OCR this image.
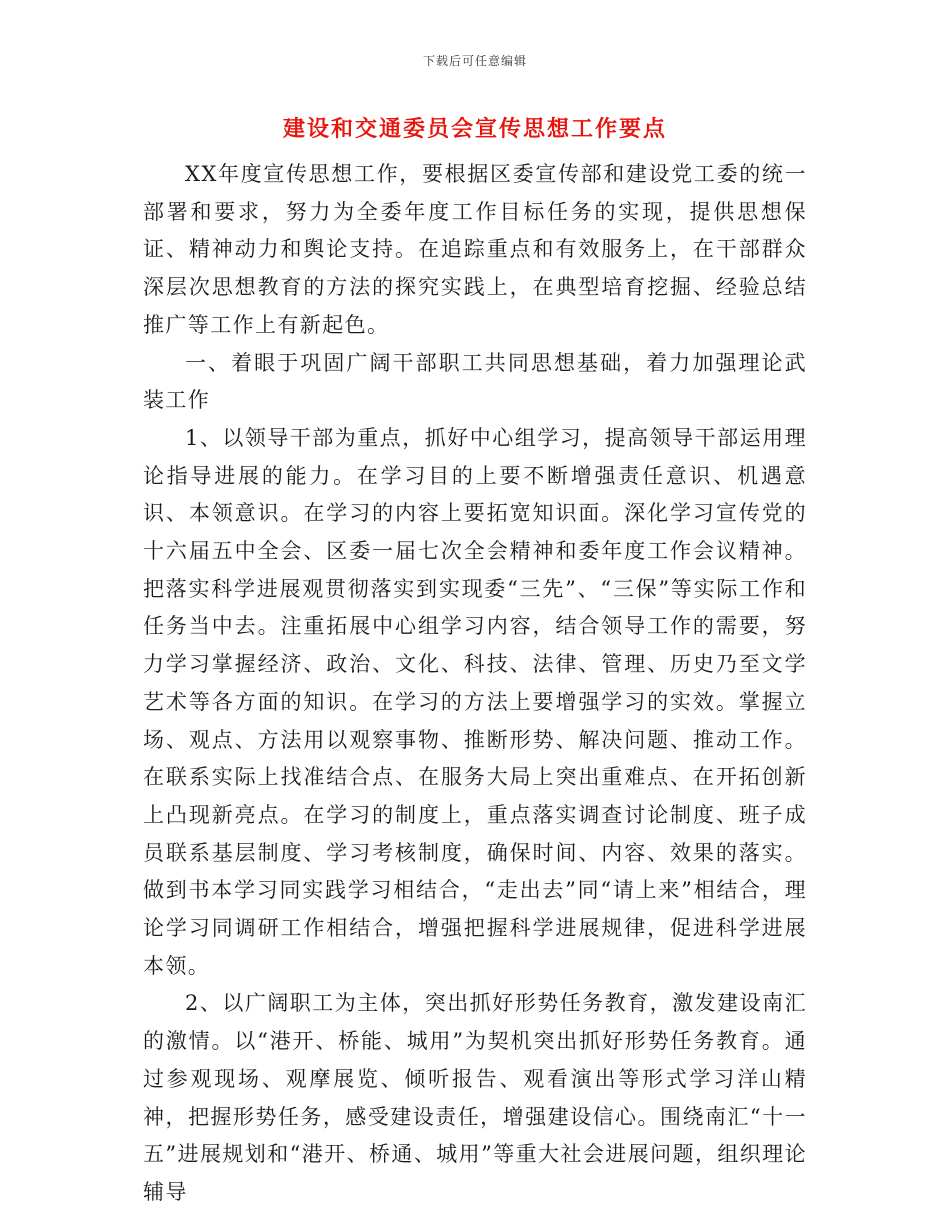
下载后可任意编辑
建设和交通委员会宣传思想工作要点

XX年度宣传思想工作，要根据区委宣传部和建设党工委的统一部署和要求，努力为全委年度工作目标任务的实现，提供思想保证、精神动力和舆论支持。在追踪重点和有效服务上，在干部群众深层次思想教育的方法的探究实践上，在典型培育挖掘、经验总结推广等工作上有新起色。

一、着眼于巩固广阔干部职工共同思想基础，着力加强理论武装工作

1、以领导干部为重点，抓好中心组学习，提高领导干部运用理论指导进展的能力。在学习目的上要不断增强责任意识、机遇意识、本领意识。在学习的内容上要拓宽知识面。深化学习宣传党的十六届五中全会、区委一届七次全会精神和委年度工作会议精神。把落实科学进展观贯彻落实到实现委“三先”、“三保”等实际工作和任务当中去。注重拓展中心组学习内容，结合领导工作的需要，努力学习掌握经济、政治、文化、科技、法律、管理、历史乃至文学艺术等各方面的知识。在学习的方法上要增强学习的实效。掌握立场、观点、方法用以观察事物、推断形势、解决问题、推动工作。在联系实际上找准结合点、在服务大局上突出重难点、在开拓创新上凸现新亮点。在学习的制度上，重点落实调查讨论制度、班子成员联系基层制度、学习考核制度，确保时间、内容、效果的落实。做到书本学习同实践学习相结合，“走出去”同“请上来”相结合，理论学习同调研工作相结合，增强把握科学进展规律，促进科学进展本领。

2、以广阔职工为主体，突出抓好形势任务教育，激发建设南汇的激情。以“港开、桥能、城用”为契机突出抓好形势任务教育。通过参观现场、观摩展览、倾听报告、观看演出等形式学习洋山精神，把握形势任务，感受建设责任，增强建设信心。围绕南汇“十一五”进展规划和“港开、桥通、城用”等重大社会进展问题，组织理论辅导
